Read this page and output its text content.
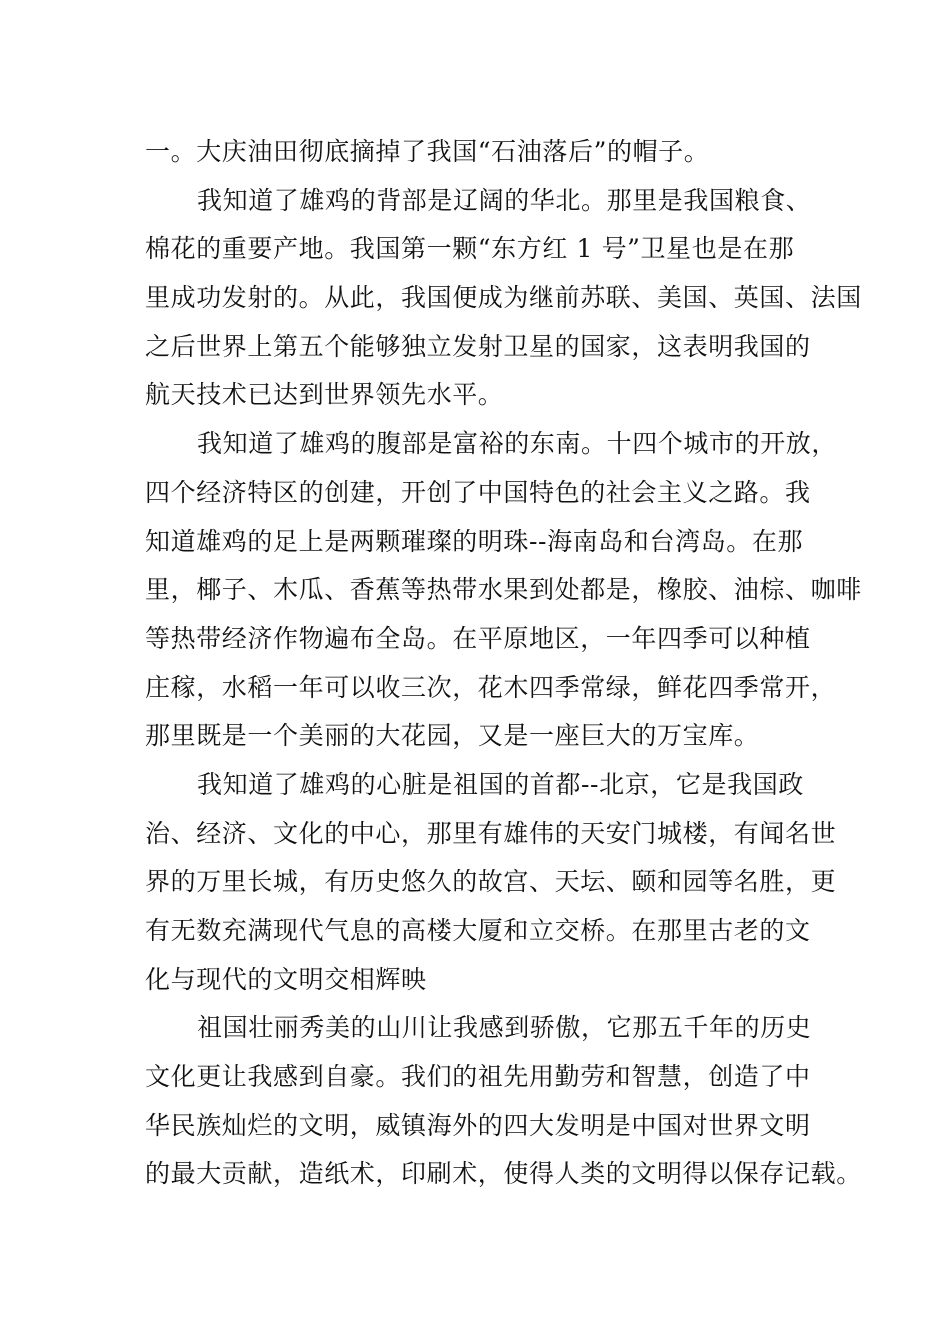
一。大庆油田彻底摘掉了我国“石油落后”的帽子。
我知道了雄鸡的背部是辽阔的华北。那里是我国粮食、
棉花的重要产地。我国第一颗“东方红 1 号”卫星也是在那
里成功发射的。从此，我国便成为继前苏联、美国、英国、法国
之后世界上第五个能够独立发射卫星的国家，这表明我国的
航天技术已达到世界领先水平。
我知道了雄鸡的腹部是富裕的东南。十四个城市的开放，
四个经济特区的创建，开创了中国特色的社会主义之路。我
知道雄鸡的足上是两颗璀璨的明珠--海南岛和台湾岛。在那
里，椰子、木瓜、香蕉等热带水果到处都是，橡胶、油棕、咖啡
等热带经济作物遍布全岛。在平原地区，一年四季可以种植
庄稼，水稻一年可以收三次，花木四季常绿，鲜花四季常开，
那里既是一个美丽的大花园，又是一座巨大的万宝库。
我知道了雄鸡的心脏是祖国的首都--北京，它是我国政
治、经济、文化的中心，那里有雄伟的天安门城楼，有闻名世
界的万里长城，有历史悠久的故宫、天坛、颐和园等名胜，更
有无数充满现代气息的高楼大厦和立交桥。在那里古老的文
化与现代的文明交相辉映
祖国壮丽秀美的山川让我感到骄傲，它那五千年的历史
文化更让我感到自豪。我们的祖先用勤劳和智慧，创造了中
华民族灿烂的文明，威镇海外的四大发明是中国对世界文明
的最大贡献，造纸术，印刷术，使得人类的文明得以保存记载。
